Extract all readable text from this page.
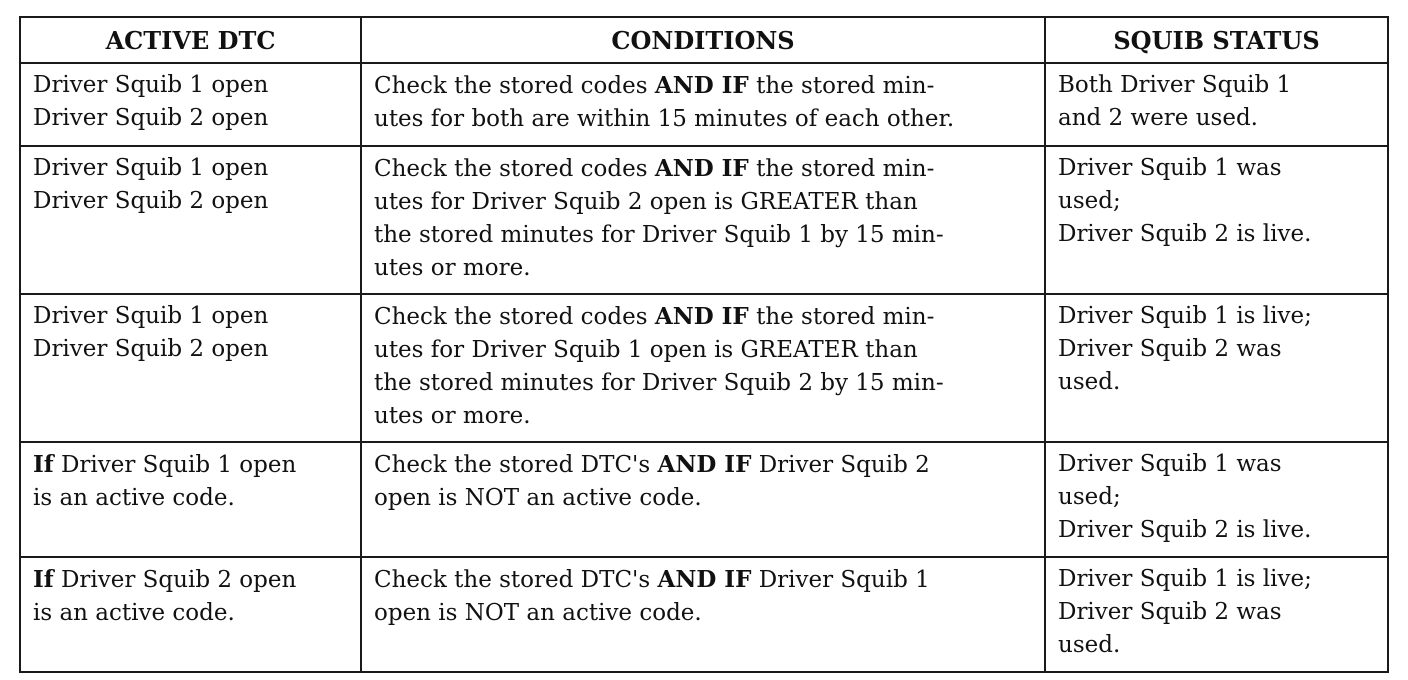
ACTIVE DTC	CONDITIONS	SQUIB STATUS

Driver Squib 1 open
Driver Squib 2 open	Check the stored codes AND IF the stored min-
utes for both are within 15 minutes of each other.	Both Driver Squib 1
and 2 were used.

Driver Squib 1 open
Driver Squib 2 open	Check the stored codes AND IF the stored min-
utes for Driver Squib 2 open is GREATER than
the stored minutes for Driver Squib 1 by 15 min-
utes or more.	Driver Squib 1 was
used;
Driver Squib 2 is live.

Driver Squib 1 open
Driver Squib 2 open	Check the stored codes AND IF the stored min-
utes for Driver Squib 1 open is GREATER than
the stored minutes for Driver Squib 2 by 15 min-
utes or more.	Driver Squib 1 is live;
Driver Squib 2 was
used.

If Driver Squib 1 open
is an active code.	Check the stored DTC's AND IF Driver Squib 2
open is NOT an active code.	Driver Squib 1 was
used;
Driver Squib 2 is live.

If Driver Squib 2 open
is an active code.	Check the stored DTC's AND IF Driver Squib 1
open is NOT an active code.	Driver Squib 1 is live;
Driver Squib 2 was
used.
